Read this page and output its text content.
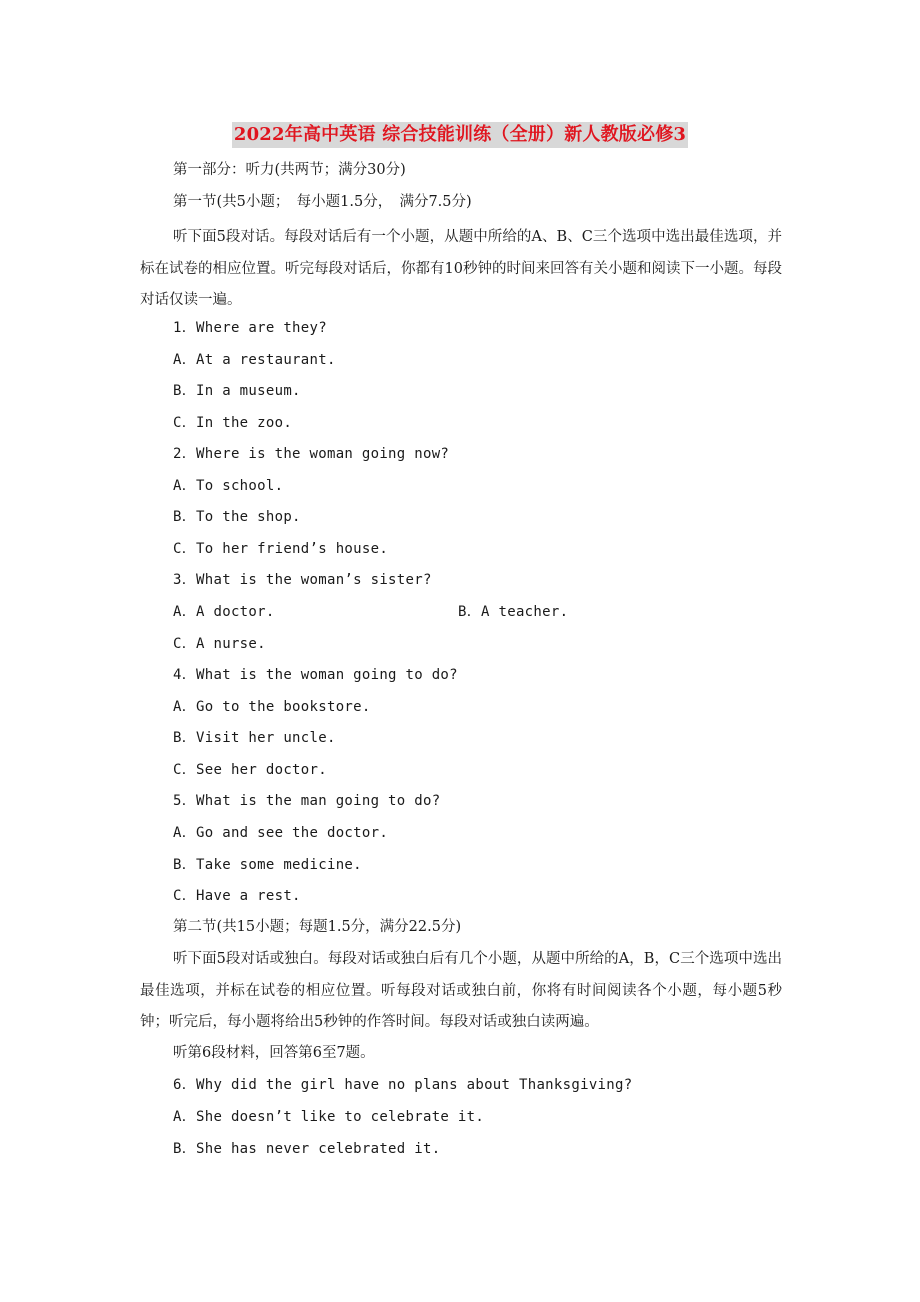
2022年高中英语 综合技能训练（全册）新人教版必修3
第一部分：听力(共两节；满分30分)
第一节(共5小题；　每小题1.5分，　满分7.5分)
听下面5段对话。每段对话后有一个小题，从题中所给的A、B、C三个选项中选出最佳选项，并标在试卷的相应位置。听完每段对话后，你都有10秒钟的时间来回答有关小题和阅读下一小题。每段对话仅读一遍。
1．Where are they?
A．At a restaurant.
B．In a museum.
C．In the zoo.
2．Where is the woman going now?
A．To school.
B．To the shop.
C．To her friend’s house.
3．What is the woman’s sister?
A．A doctor.	B．A teacher.
C．A nurse.
4．What is the woman going to do?
A．Go to the bookstore.
B．Visit her uncle.
C．See her doctor.
5．What is the man going to do?
A．Go and see the doctor.
B．Take some medicine.
C．Have a rest.
第二节(共15小题；每题1.5分，满分22.5分)
听下面5段对话或独白。每段对话或独白后有几个小题，从题中所给的A，B，C三个选项中选出最佳选项，并标在试卷的相应位置。听每段对话或独白前，你将有时间阅读各个小题，每小题5秒钟；听完后，每小题将给出5秒钟的作答时间。每段对话或独白读两遍。
听第6段材料，回答第6至7题。
6．Why did the girl have no plans about Thanksgiving?
A．She doesn’t like to celebrate it.
B．She has never celebrated it.
